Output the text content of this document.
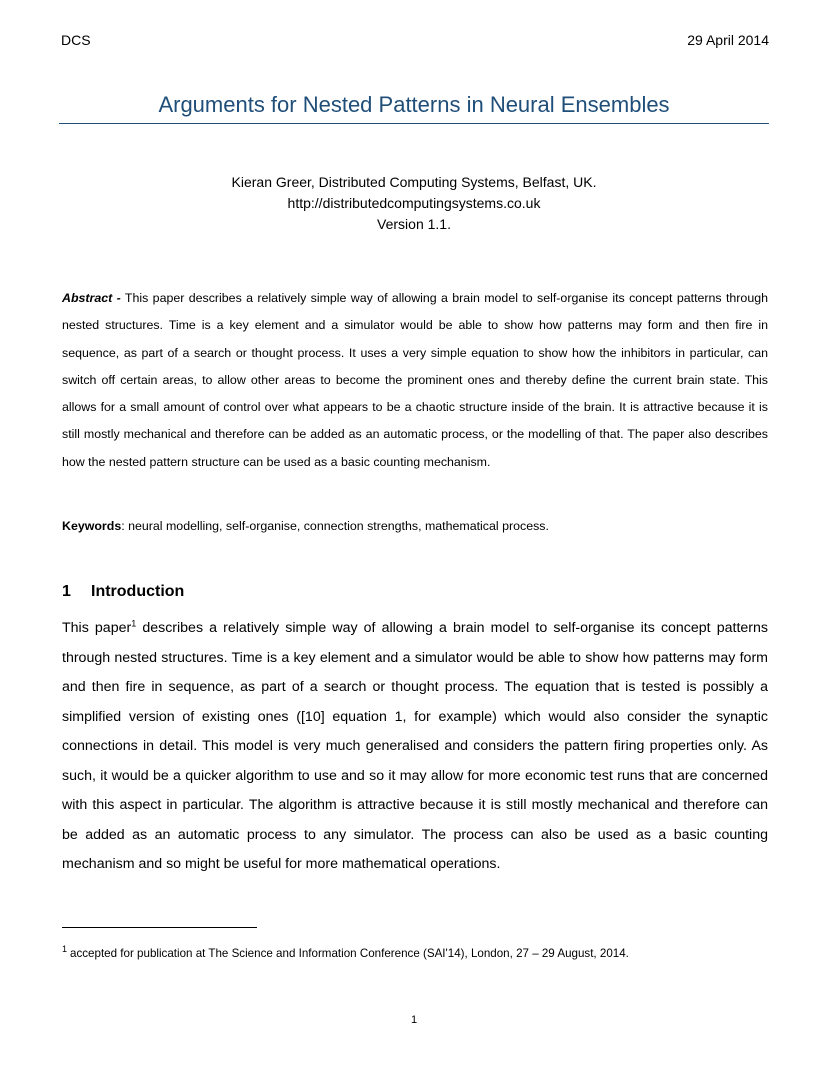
DCS	29 April 2014
Arguments for Nested Patterns in Neural Ensembles
Kieran Greer, Distributed Computing Systems, Belfast, UK.
http://distributedcomputingsystems.co.uk
Version 1.1.
Abstract - This paper describes a relatively simple way of allowing a brain model to self-organise its concept patterns through nested structures. Time is a key element and a simulator would be able to show how patterns may form and then fire in sequence, as part of a search or thought process. It uses a very simple equation to show how the inhibitors in particular, can switch off certain areas, to allow other areas to become the prominent ones and thereby define the current brain state. This allows for a small amount of control over what appears to be a chaotic structure inside of the brain. It is attractive because it is still mostly mechanical and therefore can be added as an automatic process, or the modelling of that. The paper also describes how the nested pattern structure can be used as a basic counting mechanism.
Keywords: neural modelling, self-organise, connection strengths, mathematical process.
1 Introduction
This paper$^1$ describes a relatively simple way of allowing a brain model to self-organise its concept patterns through nested structures. Time is a key element and a simulator would be able to show how patterns may form and then fire in sequence, as part of a search or thought process. The equation that is tested is possibly a simplified version of existing ones ([10] equation 1, for example) which would also consider the synaptic connections in detail. This model is very much generalised and considers the pattern firing properties only. As such, it would be a quicker algorithm to use and so it may allow for more economic test runs that are concerned with this aspect in particular. The algorithm is attractive because it is still mostly mechanical and therefore can be added as an automatic process to any simulator. The process can also be used as a basic counting mechanism and so might be useful for more mathematical operations.
$^1$ accepted for publication at The Science and Information Conference (SAI'14), London, 27 – 29 August, 2014.
1
